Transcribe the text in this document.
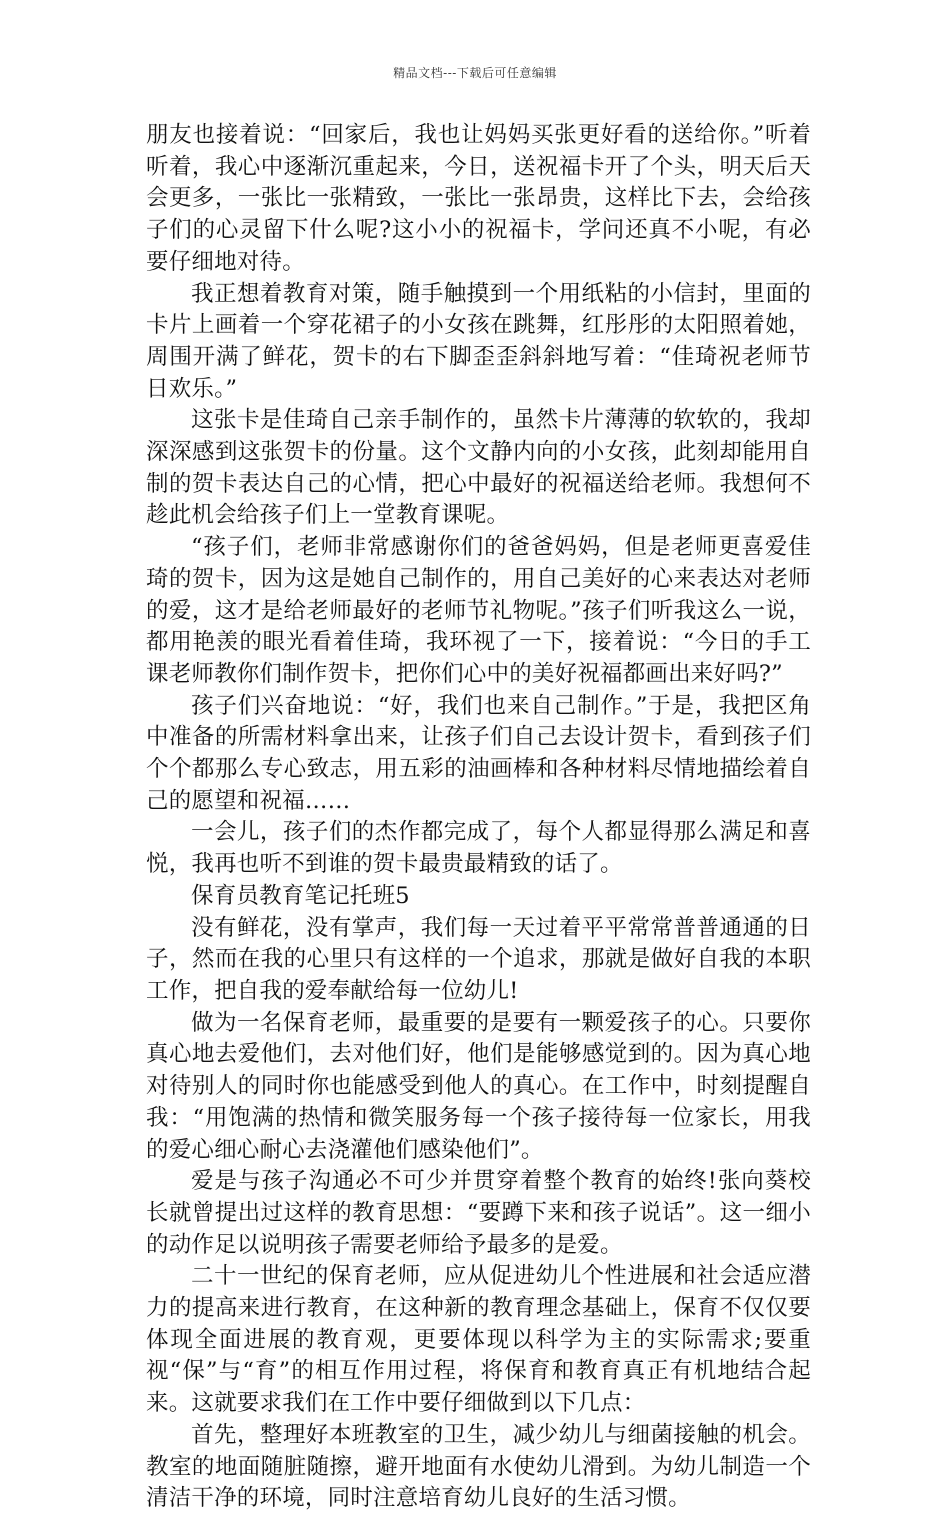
精品文档---下载后可任意编辑

朋友也接着说：“回家后，我也让妈妈买张更好看的送给你。”听着听着，我心中逐渐沉重起来，今日，送祝福卡开了个头，明天后天会更多，一张比一张精致，一张比一张昂贵，这样比下去，会给孩子们的心灵留下什么呢?这小小的祝福卡，学问还真不小呢，有必要仔细地对待。

我正想着教育对策，随手触摸到一个用纸粘的小信封，里面的卡片上画着一个穿花裙子的小女孩在跳舞，红彤彤的太阳照着她，周围开满了鲜花，贺卡的右下脚歪歪斜斜地写着：“佳琦祝老师节日欢乐。”

这张卡是佳琦自己亲手制作的，虽然卡片薄薄的软软的，我却深深感到这张贺卡的份量。这个文静内向的小女孩，此刻却能用自制的贺卡表达自己的心情，把心中最好的祝福送给老师。我想何不趁此机会给孩子们上一堂教育课呢。

“孩子们，老师非常感谢你们的爸爸妈妈，但是老师更喜爱佳琦的贺卡，因为这是她自己制作的，用自己美好的心来表达对老师的爱，这才是给老师最好的老师节礼物呢。”孩子们听我这么一说，都用艳羡的眼光看着佳琦，我环视了一下，接着说：“今日的手工课老师教你们制作贺卡，把你们心中的美好祝福都画出来好吗?”

孩子们兴奋地说：“好，我们也来自己制作。”于是，我把区角中准备的所需材料拿出来，让孩子们自己去设计贺卡，看到孩子们个个都那么专心致志，用五彩的油画棒和各种材料尽情地描绘着自己的愿望和祝福……

一会儿，孩子们的杰作都完成了，每个人都显得那么满足和喜悦，我再也听不到谁的贺卡最贵最精致的话了。

保育员教育笔记托班5

没有鲜花，没有掌声，我们每一天过着平平常常普普通通的日子，然而在我的心里只有这样的一个追求，那就是做好自我的本职工作，把自我的爱奉献给每一位幼儿!

做为一名保育老师，最重要的是要有一颗爱孩子的心。只要你真心地去爱他们，去对他们好，他们是能够感觉到的。因为真心地对待别人的同时你也能感受到他人的真心。在工作中，时刻提醒自我：“用饱满的热情和微笑服务每一个孩子接待每一位家长，用我的爱心细心耐心去浇灌他们感染他们”。

爱是与孩子沟通必不可少并贯穿着整个教育的始终!张向葵校长就曾提出过这样的教育思想：“要蹲下来和孩子说话”。这一细小的动作足以说明孩子需要老师给予最多的是爱。

二十一世纪的保育老师，应从促进幼儿个性进展和社会适应潜力的提高来进行教育，在这种新的教育理念基础上，保育不仅仅要体现全面进展的教育观，更要体现以科学为主的实际需求;要重视“保”与“育”的相互作用过程，将保育和教育真正有机地结合起来。这就要求我们在工作中要仔细做到以下几点：

首先，整理好本班教室的卫生，减少幼儿与细菌接触的机会。教室的地面随脏随擦，避开地面有水使幼儿滑到。为幼儿制造一个清洁干净的环境，同时注意培育幼儿良好的生活习惯。
